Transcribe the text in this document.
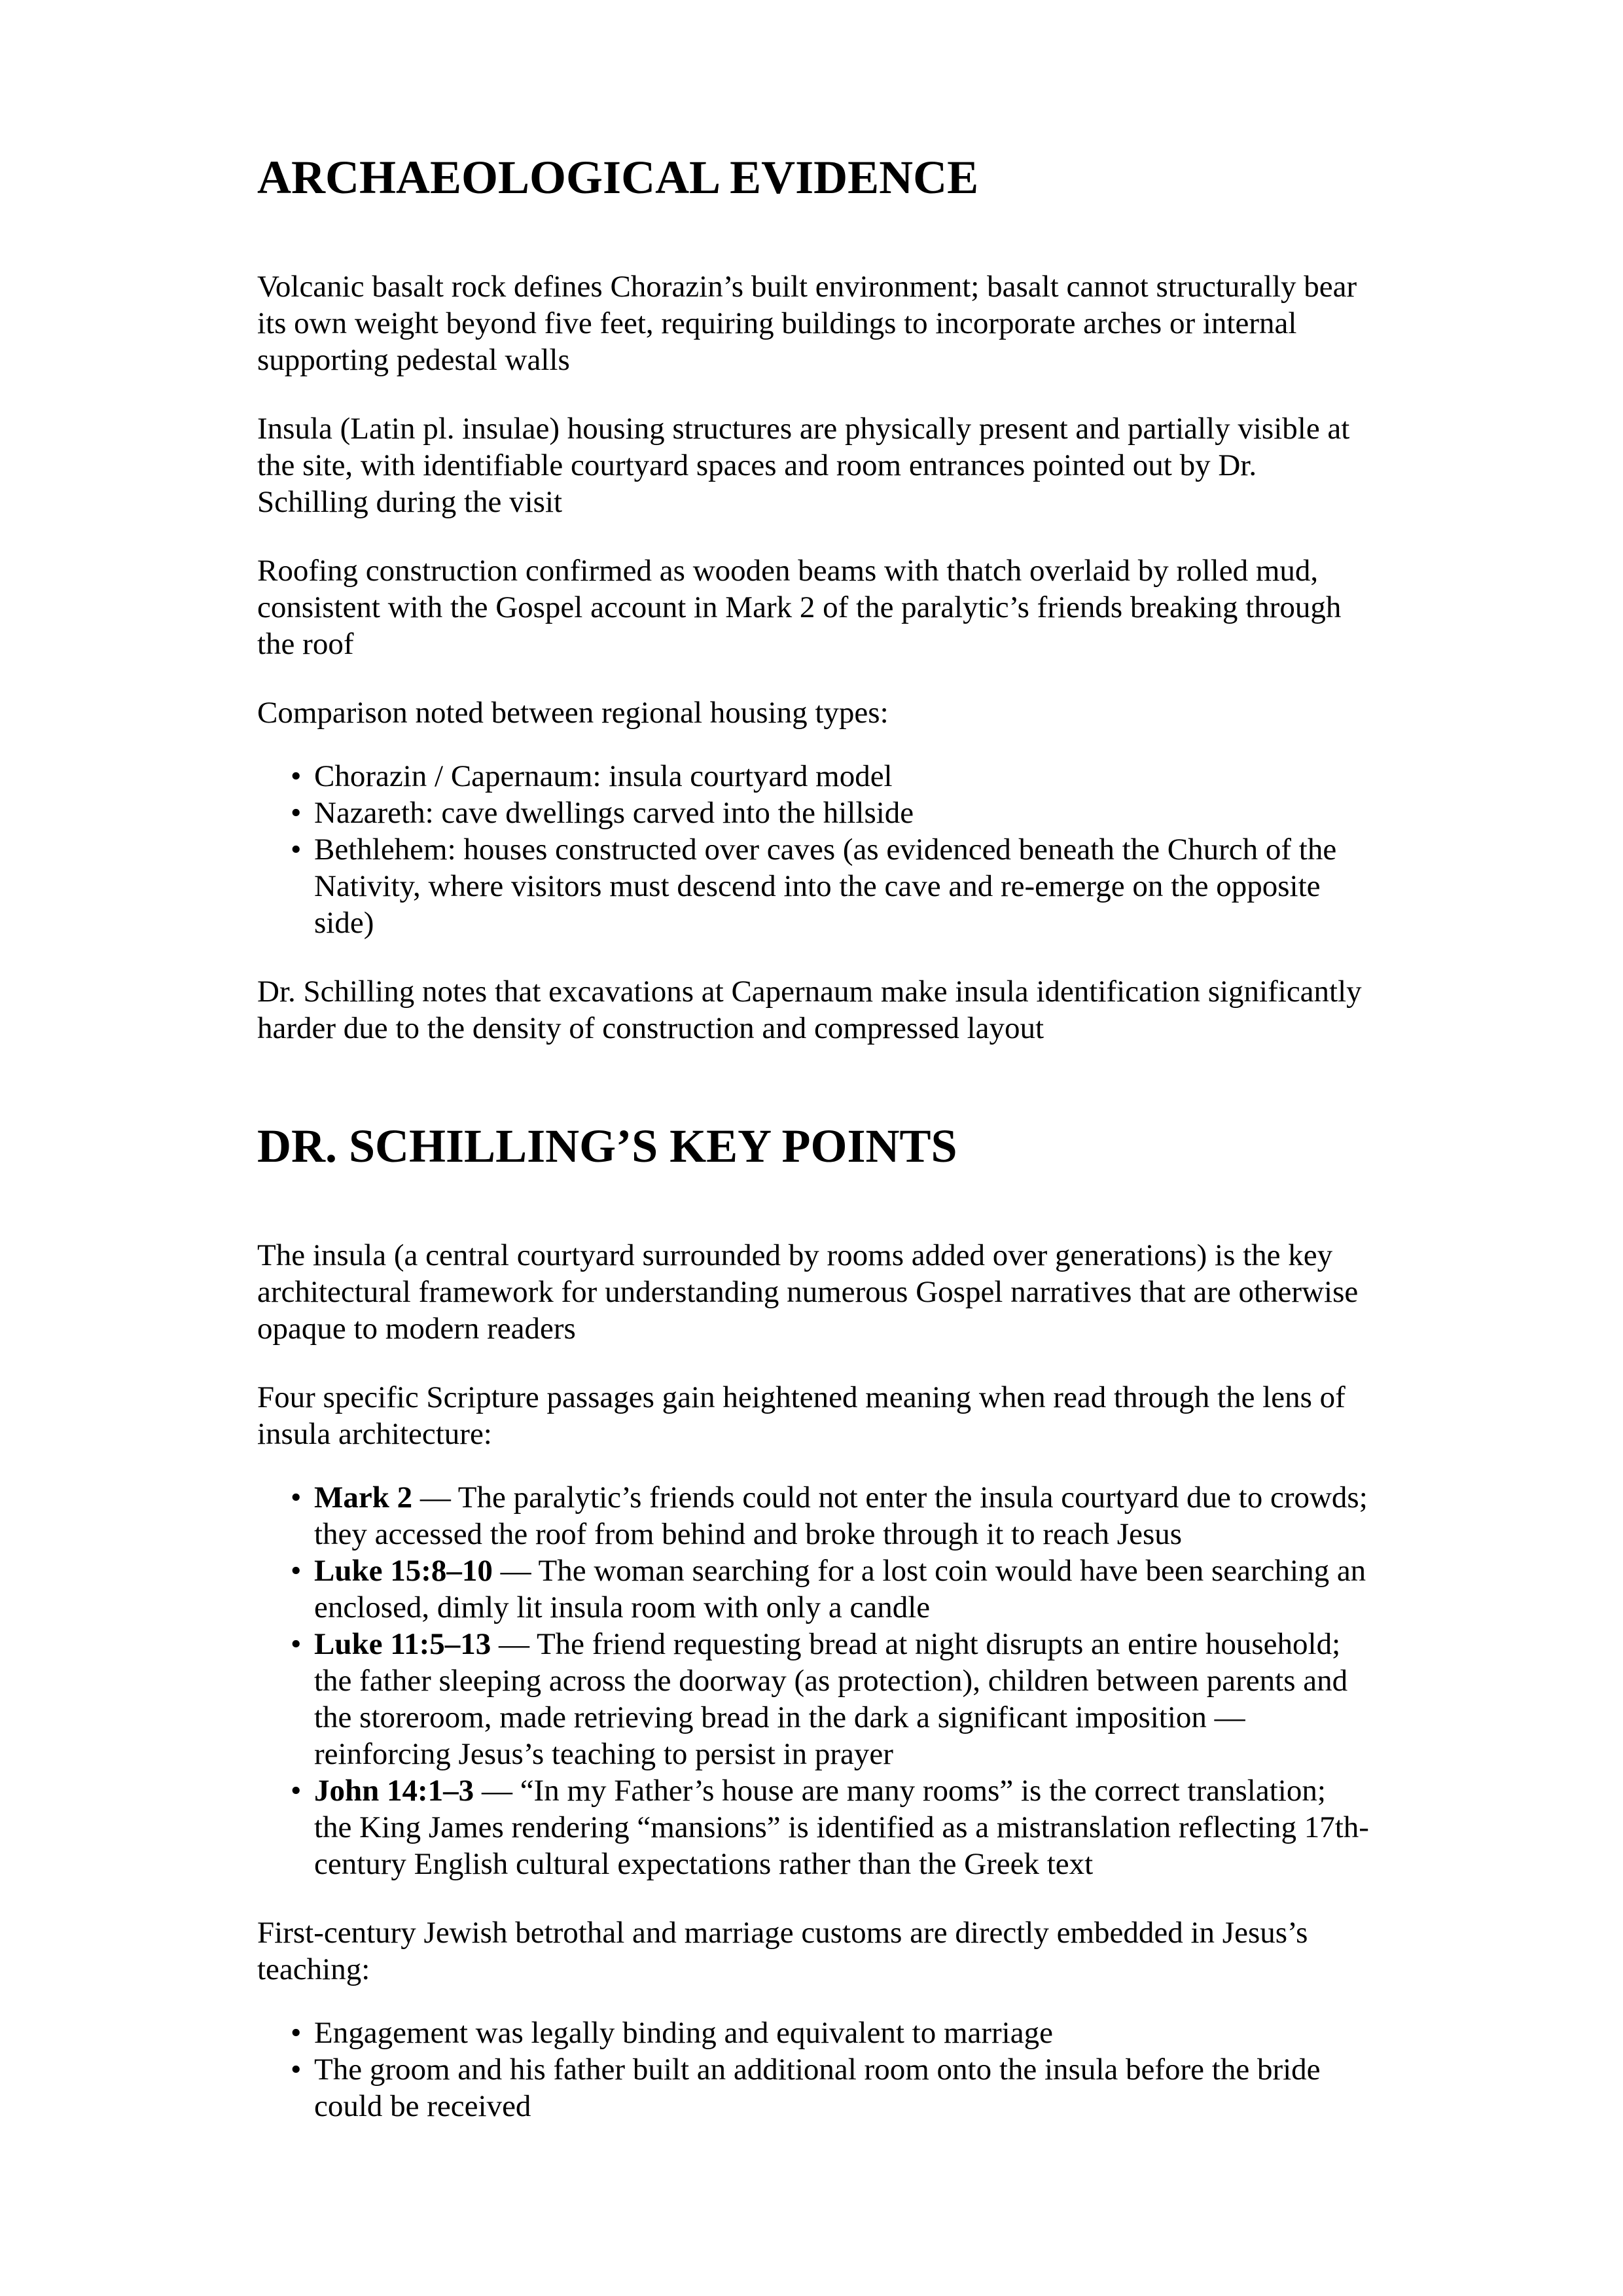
ARCHAEOLOGICAL EVIDENCE

Volcanic basalt rock defines Chorazin’s built environment; basalt cannot structurally bear its own weight beyond five feet, requiring buildings to incorporate arches or internal supporting pedestal walls

Insula (Latin pl. insulae) housing structures are physically present and partially visible at the site, with identifiable courtyard spaces and room entrances pointed out by Dr. Schilling during the visit

Roofing construction confirmed as wooden beams with thatch overlaid by rolled mud, consistent with the Gospel account in Mark 2 of the paralytic’s friends breaking through the roof

Comparison noted between regional housing types:

• Chorazin / Capernaum: insula courtyard model
• Nazareth: cave dwellings carved into the hillside
• Bethlehem: houses constructed over caves (as evidenced beneath the Church of the Nativity, where visitors must descend into the cave and re-emerge on the opposite side)

Dr. Schilling notes that excavations at Capernaum make insula identification significantly harder due to the density of construction and compressed layout

DR. SCHILLING’S KEY POINTS

The insula (a central courtyard surrounded by rooms added over generations) is the key architectural framework for understanding numerous Gospel narratives that are otherwise opaque to modern readers

Four specific Scripture passages gain heightened meaning when read through the lens of insula architecture:

• Mark 2 — The paralytic’s friends could not enter the insula courtyard due to crowds; they accessed the roof from behind and broke through it to reach Jesus
• Luke 15:8–10 — The woman searching for a lost coin would have been searching an enclosed, dimly lit insula room with only a candle
• Luke 11:5–13 — The friend requesting bread at night disrupts an entire household; the father sleeping across the doorway (as protection), children between parents and the storeroom, made retrieving bread in the dark a significant imposition — reinforcing Jesus’s teaching to persist in prayer
• John 14:1–3 — “In my Father’s house are many rooms” is the correct translation; the King James rendering “mansions” is identified as a mistranslation reflecting 17th-century English cultural expectations rather than the Greek text

First-century Jewish betrothal and marriage customs are directly embedded in Jesus’s teaching:

• Engagement was legally binding and equivalent to marriage
• The groom and his father built an additional room onto the insula before the bride could be received
